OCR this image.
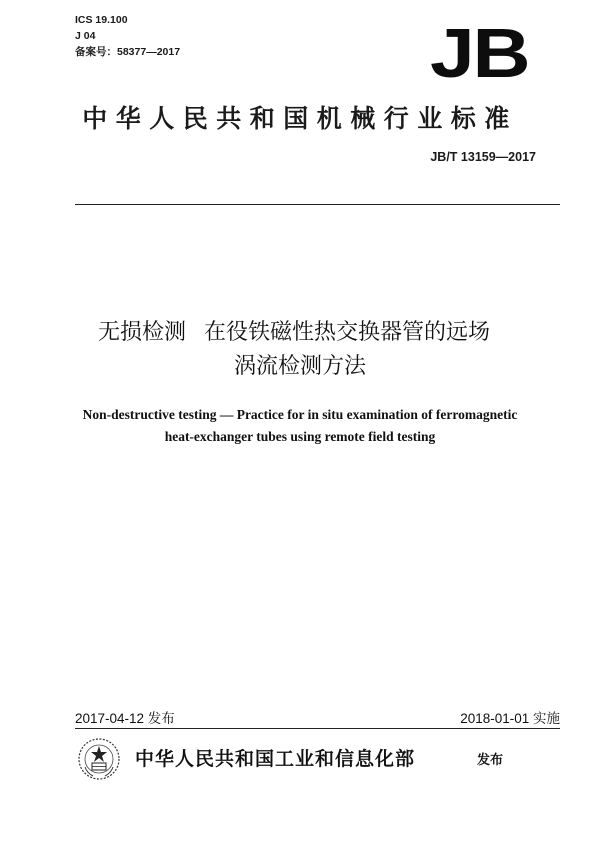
ICS 19.100
J 04
备案号：58377—2017	JB
中华人民共和国机械行业标准
JB/T 13159—2017
无损检测 在役铁磁性热交换器管的远场
涡流检测方法
Non-destructive testing — Practice for in situ examination of ferromagnetic
heat-exchanger tubes using remote field testing
2017-04-12 发布	2018-01-01 实施
中华人民共和国工业和信息化部	发布
